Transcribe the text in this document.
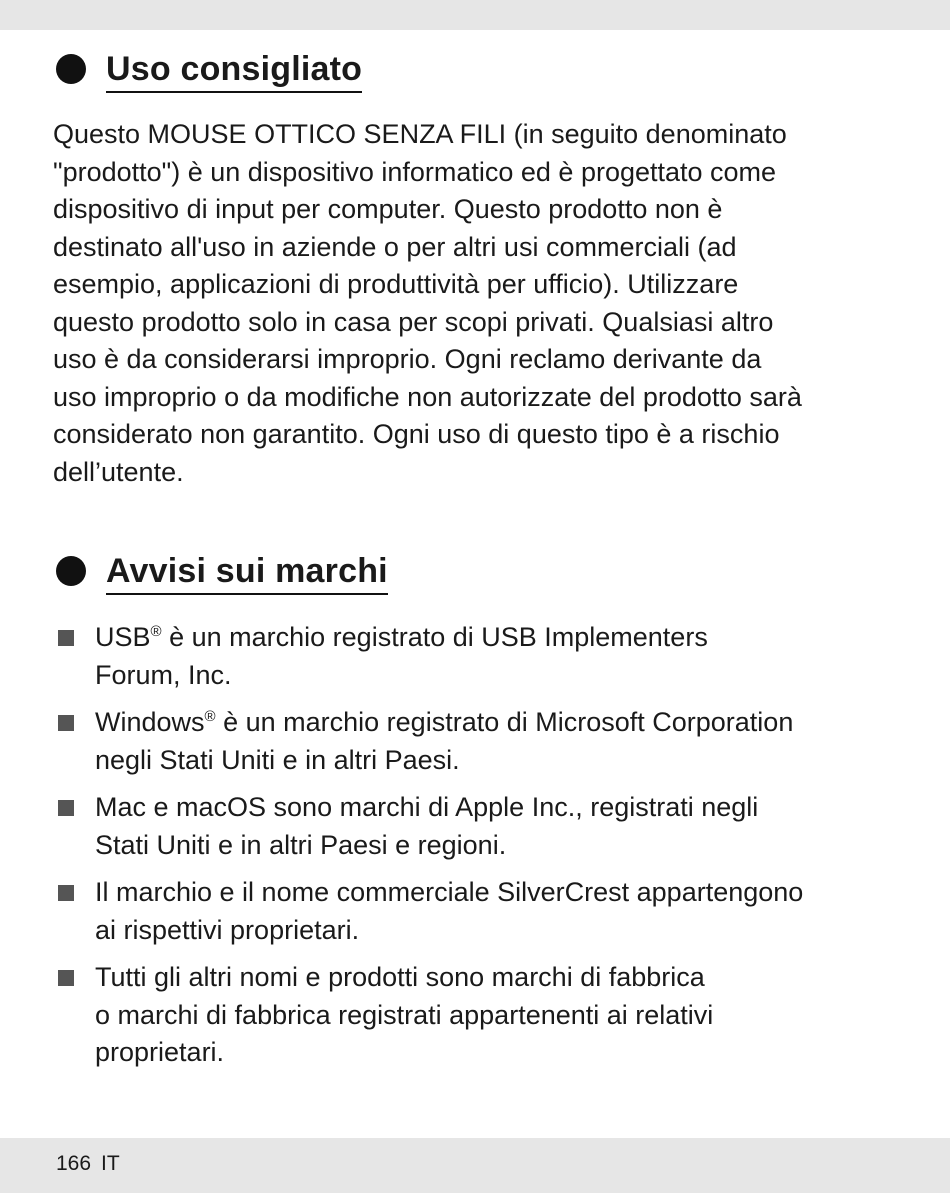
Uso consigliato

Questo MOUSE OTTICO SENZA FILI (in seguito denominato
"prodotto") è un dispositivo informatico ed è progettato come
dispositivo di input per computer. Questo prodotto non è
destinato all'uso in aziende o per altri usi commerciali (ad
esempio, applicazioni di produttività per ufficio). Utilizzare
questo prodotto solo in casa per scopi privati. Qualsiasi altro
uso è da considerarsi improprio. Ogni reclamo derivante da
uso improprio o da modifiche non autorizzate del prodotto sarà
considerato non garantito. Ogni uso di questo tipo è a rischio
dell’utente.

Avvisi sui marchi
USB® è un marchio registrato di USB Implementers
Forum, Inc.
Windows® è un marchio registrato di Microsoft Corporation
negli Stati Uniti e in altri Paesi.
Mac e macOS sono marchi di Apple Inc., registrati negli
Stati Uniti e in altri Paesi e regioni.
Il marchio e il nome commerciale SilverCrest appartengono
ai rispettivi proprietari.
Tutti gli altri nomi e prodotti sono marchi di fabbrica
o marchi di fabbrica registrati appartenenti ai relativi
proprietari.
166 IT
